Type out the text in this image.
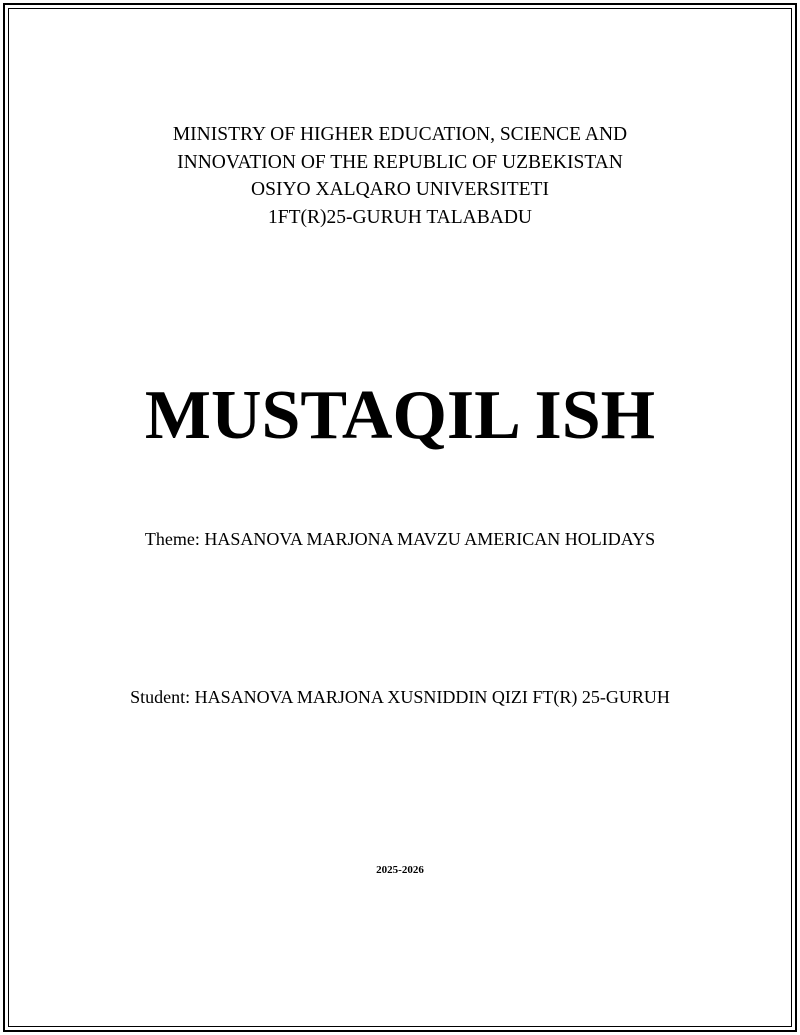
MINISTRY OF HIGHER EDUCATION, SCIENCE AND
INNOVATION OF THE REPUBLIC OF UZBEKISTAN
OSIYO XALQARO UNIVERSITETI
1FT(R)25-GURUH TALABADU
MUSTAQIL ISH
Theme: HASANOVA MARJONA MAVZU AMERICAN HOLIDAYS
Student: HASANOVA MARJONA XUSNIDDIN QIZI FT(R) 25-GURUH
2025-2026
